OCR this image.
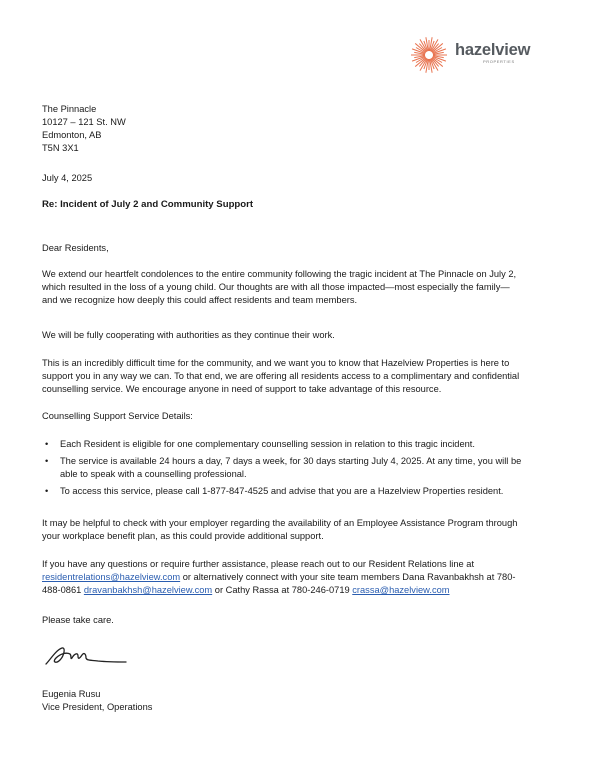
hazelview
PROPERTIES
The Pinnacle
10127 – 121 St. NW
Edmonton, AB
T5N 3X1
July 4, 2025
Re: Incident of July 2 and Community Support
Dear Residents,
We extend our heartfelt condolences to the entire community following the tragic incident at The Pinnacle on July 2,
which resulted in the loss of a young child. Our thoughts are with all those impacted—most especially the family—
and we recognize how deeply this could affect residents and team members.
We will be fully cooperating with authorities as they continue their work.
This is an incredibly difficult time for the community, and we want you to know that Hazelview Properties is here to
support you in any way we can. To that end, we are offering all residents access to a complimentary and confidential
counselling service. We encourage anyone in need of support to take advantage of this resource.
Counselling Support Service Details:
• Each Resident is eligible for one complementary counselling session in relation to this tragic incident.
• The service is available 24 hours a day, 7 days a week, for 30 days starting July 4, 2025. At any time, you will be
able to speak with a counselling professional.
• To access this service, please call 1-877-847-4525 and advise that you are a Hazelview Properties resident.
It may be helpful to check with your employer regarding the availability of an Employee Assistance Program through
your workplace benefit plan, as this could provide additional support.
If you have any questions or require further assistance, please reach out to our Resident Relations line at
residentrelations@hazelview.com or alternatively connect with your site team members Dana Ravanbakhsh at 780-
488-0861 dravanbakhsh@hazelview.com or Cathy Rassa at 780-246-0719 crassa@hazelview.com
Please take care.
Eugenia Rusu
Vice President, Operations
